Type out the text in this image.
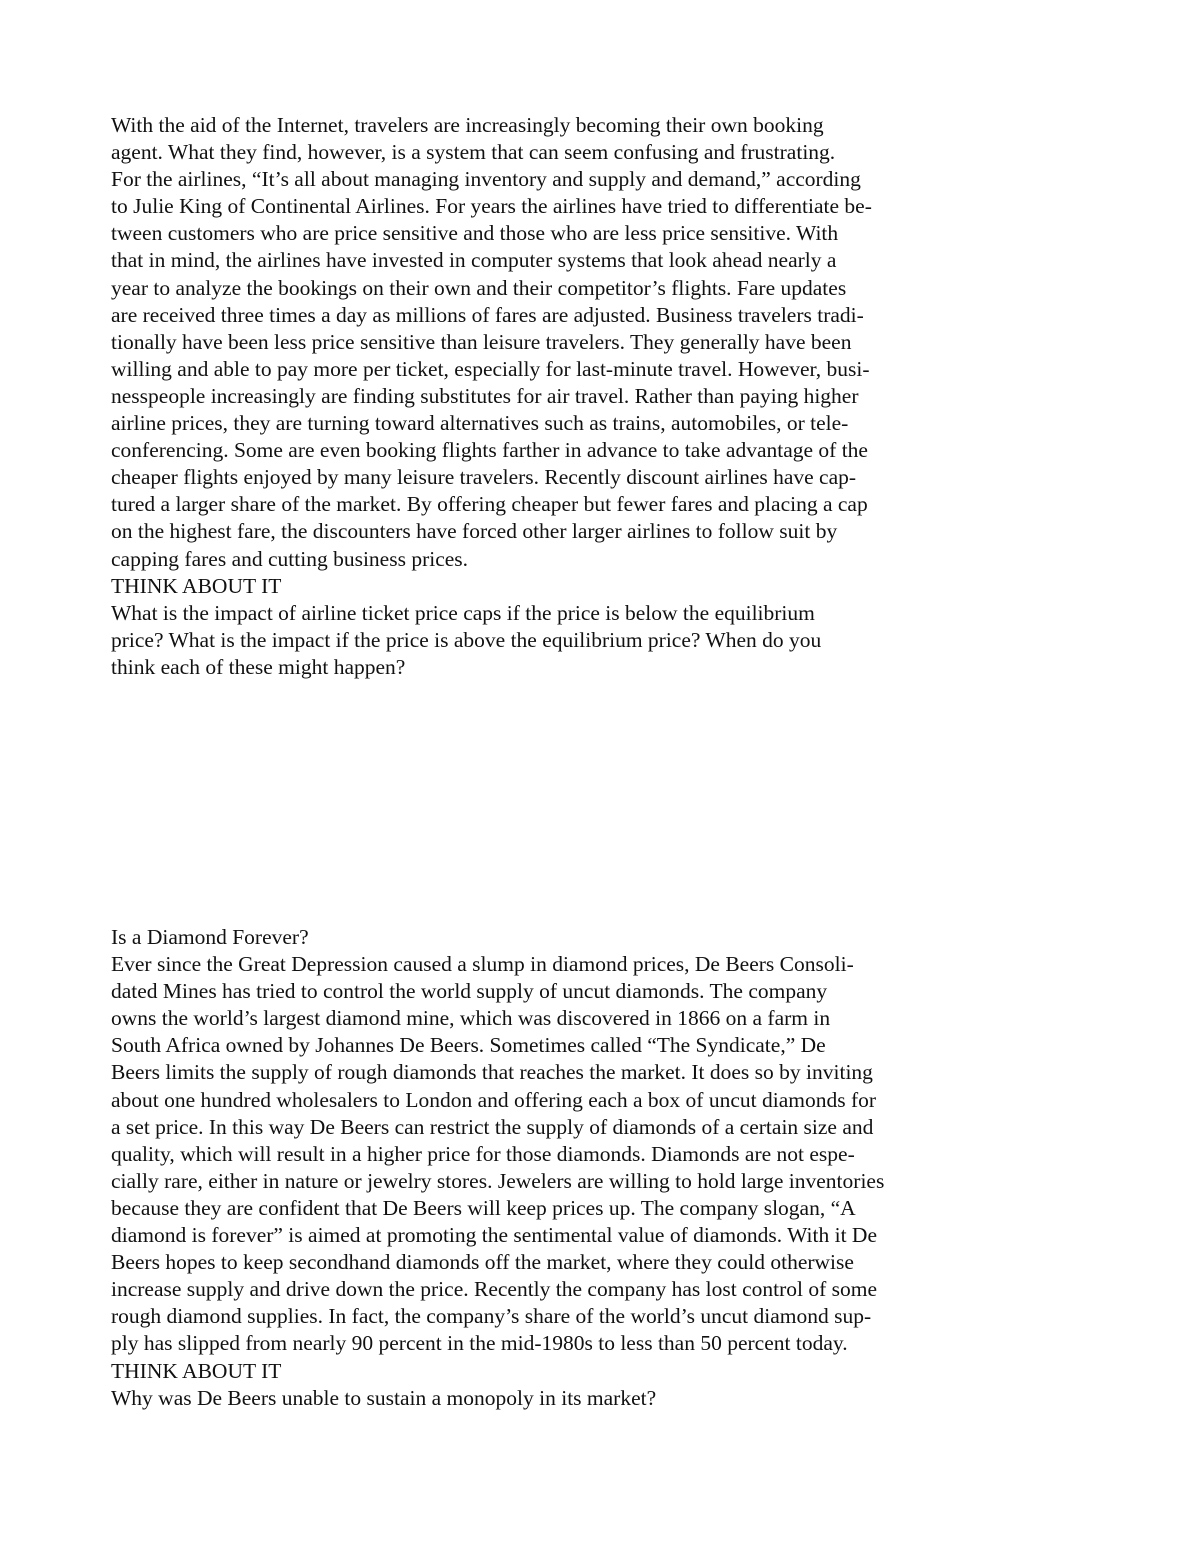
With the aid of the Internet, travelers are increasingly becoming their own booking
agent. What they find, however, is a system that can seem confusing and frustrating.
For the airlines, “It’s all about managing inventory and supply and demand,” according
to Julie King of Continental Airlines. For years the airlines have tried to differentiate be-
tween customers who are price sensitive and those who are less price sensitive. With
that in mind, the airlines have invested in computer systems that look ahead nearly a
year to analyze the bookings on their own and their competitor’s flights. Fare updates
are received three times a day as millions of fares are adjusted. Business travelers tradi-
tionally have been less price sensitive than leisure travelers. They generally have been
willing and able to pay more per ticket, especially for last-minute travel. However, busi-
nesspeople increasingly are finding substitutes for air travel. Rather than paying higher
airline prices, they are turning toward alternatives such as trains, automobiles, or tele-
conferencing. Some are even booking flights farther in advance to take advantage of the
cheaper flights enjoyed by many leisure travelers. Recently discount airlines have cap-
tured a larger share of the market. By offering cheaper but fewer fares and placing a cap
on the highest fare, the discounters have forced other larger airlines to follow suit by
capping fares and cutting business prices.
THINK ABOUT IT
What is the impact of airline ticket price caps if the price is below the equilibrium
price? What is the impact if the price is above the equilibrium price? When do you
think each of these might happen?
Is a Diamond Forever?
Ever since the Great Depression caused a slump in diamond prices, De Beers Consoli-
dated Mines has tried to control the world supply of uncut diamonds. The company
owns the world’s largest diamond mine, which was discovered in 1866 on a farm in
South Africa owned by Johannes De Beers. Sometimes called “The Syndicate,” De
Beers limits the supply of rough diamonds that reaches the market. It does so by inviting
about one hundred wholesalers to London and offering each a box of uncut diamonds for
a set price. In this way De Beers can restrict the supply of diamonds of a certain size and
quality, which will result in a higher price for those diamonds. Diamonds are not espe-
cially rare, either in nature or jewelry stores. Jewelers are willing to hold large inventories
because they are confident that De Beers will keep prices up. The company slogan, “A
diamond is forever” is aimed at promoting the sentimental value of diamonds. With it De
Beers hopes to keep secondhand diamonds off the market, where they could otherwise
increase supply and drive down the price. Recently the company has lost control of some
rough diamond supplies. In fact, the company’s share of the world’s uncut diamond sup-
ply has slipped from nearly 90 percent in the mid-1980s to less than 50 percent today.
THINK ABOUT IT
Why was De Beers unable to sustain a monopoly in its market?
